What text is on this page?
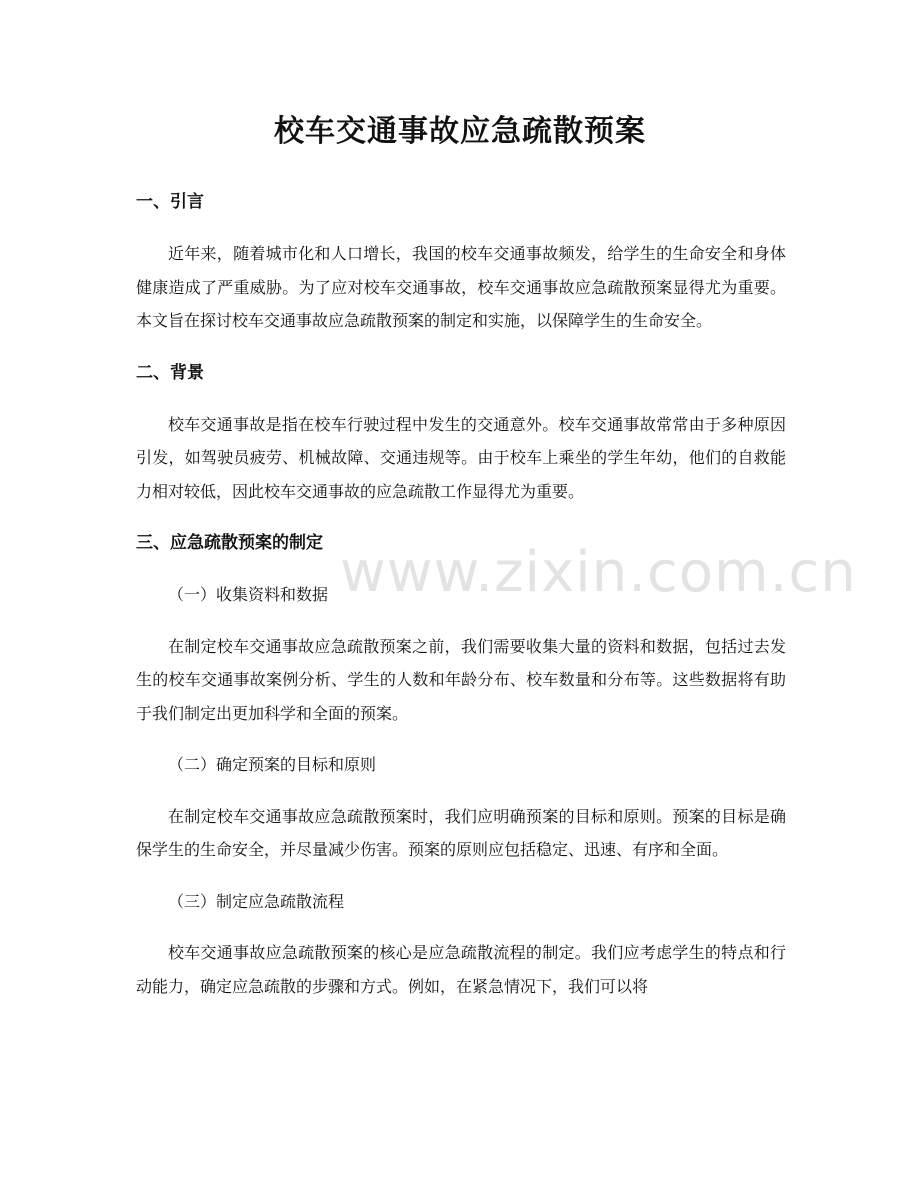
校车交通事故应急疏散预案
一、引言

近年来，随着城市化和人口增长，我国的校车交通事故频发，给学生的生命安全和身体健康造成了严重威胁。为了应对校车交通事故，校车交通事故应急疏散预案显得尤为重要。本文旨在探讨校车交通事故应急疏散预案的制定和实施，以保障学生的生命安全。

二、背景

校车交通事故是指在校车行驶过程中发生的交通意外。校车交通事故常常由于多种原因引发，如驾驶员疲劳、机械故障、交通违规等。由于校车上乘坐的学生年幼，他们的自救能力相对较低，因此校车交通事故的应急疏散工作显得尤为重要。

三、应急疏散预案的制定
（一）收集资料和数据

在制定校车交通事故应急疏散预案之前，我们需要收集大量的资料和数据，包括过去发生的校车交通事故案例分析、学生的人数和年龄分布、校车数量和分布等。这些数据将有助于我们制定出更加科学和全面的预案。

（二）确定预案的目标和原则

在制定校车交通事故应急疏散预案时，我们应明确预案的目标和原则。预案的目标是确保学生的生命安全，并尽量减少伤害。预案的原则应包括稳定、迅速、有序和全面。

（三）制定应急疏散流程

校车交通事故应急疏散预案的核心是应急疏散流程的制定。我们应考虑学生的特点和行动能力，确定应急疏散的步骤和方式。例如，在紧急情况下，我们可以将

www.zixin.com.cn
